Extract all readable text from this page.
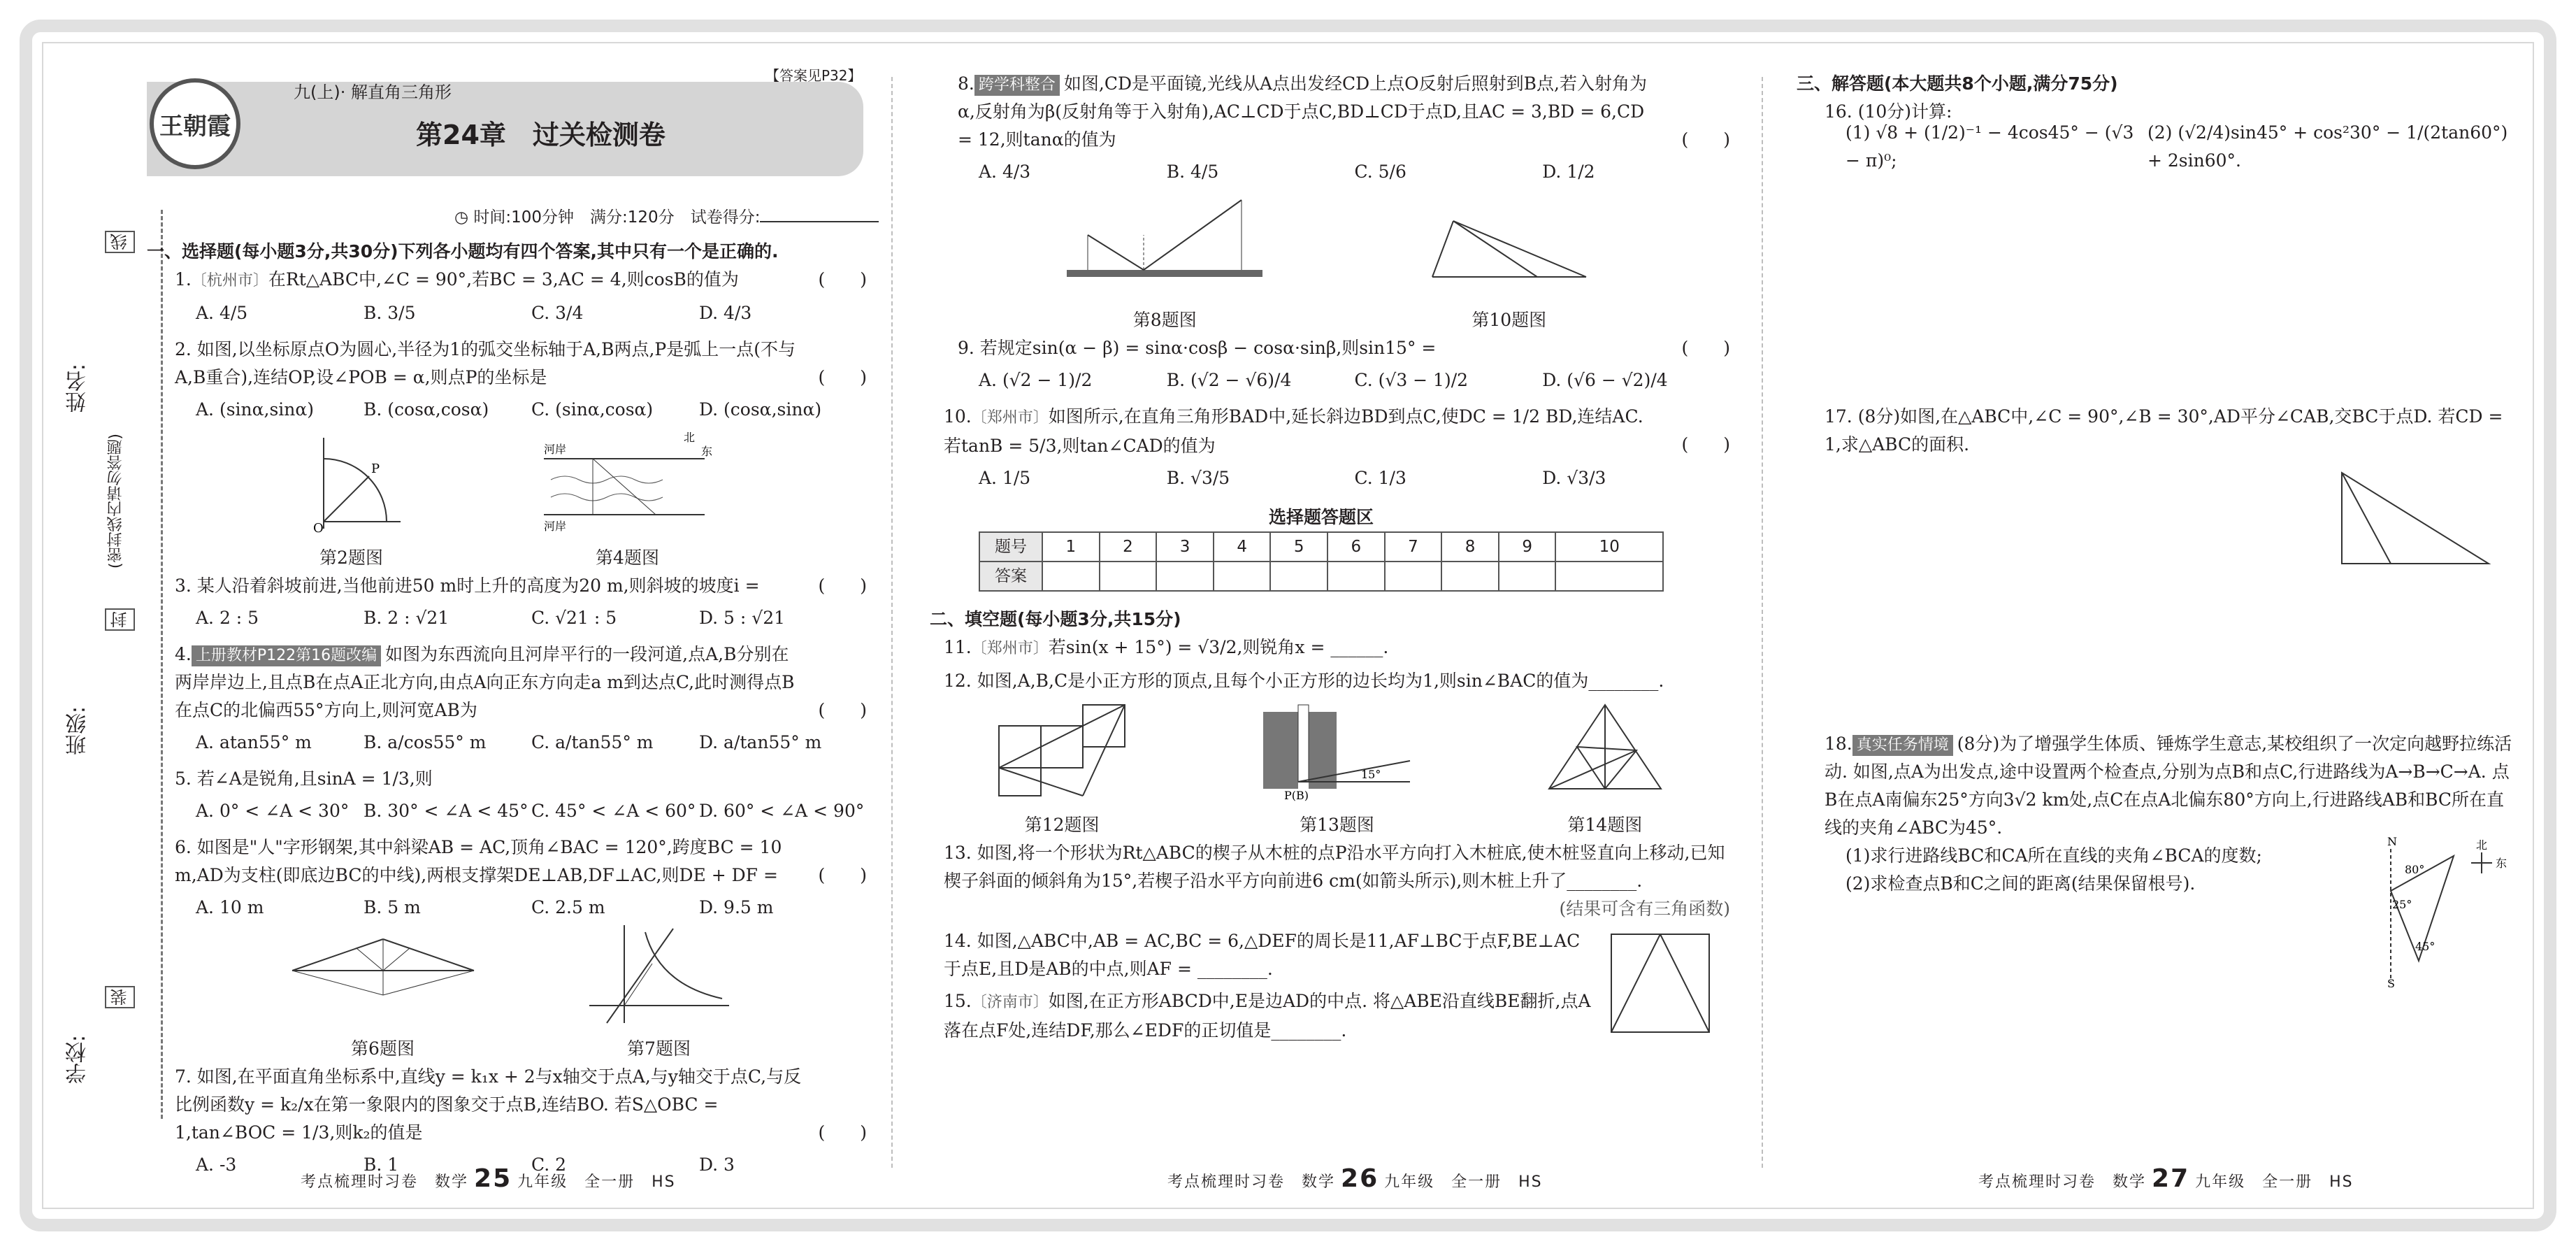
姓名:
班级:
学校:
线
封
装
(密封线内请勿答题)
王朝霞
九(上)· 解直角三角形
【答案见P32】
第24章　过关检测卷
◷ 时间:100分钟　满分:120分　试卷得分:

一、选择题(每小题3分,共30分)下列各小题均有四个答案,其中只有一个是正确的.

1.〔杭州市〕在Rt△ABC中,∠C = 90°,若BC = 3,AC = 4,则cosB的值为	(　　)

A. 4/5	B. 3/5	C. 3/4	D. 4/3

2. 如图,以坐标原点O为圆心,半径为1的弧交坐标轴于A,B两点,P是弧上一点(不与A,B重合),连结OP,设∠POB = α,则点P的坐标是	(　　)
A. (sinα,sinα)	B. (cosα,cosα)	C. (sinα,cosα)	D. (cosα,sinα)
P
O
第2题图
河岸
河岸
北
东
第4题图

3. 某人沿着斜坡前进,当他前进50 m时上升的高度为20 m,则斜坡的坡度i =	(　　)
A. 2 : 5	B. 2 : √21	C. √21 : 5	D. 5 : √21

4. 上册教材P122第16题改编 如图为东西流向且河岸平行的一段河道,点A,B分别在两岸岸边上,且点B在点A正北方向,由点A向正东方向走a m到达点C,此时测得点B在点C的北偏西55°方向上,则河宽AB为	(　　)
A. atan55° m	B. a/cos55° m	C. a/tan55° m	D. a/tan55° m

5. 若∠A是锐角,且sinA = 1/3,则

A. 0° < ∠A < 30° B. 30° < ∠A < 45° C. 45° < ∠A < 60° D. 60° < ∠A < 90°

6. 如图是"人"字形钢架,其中斜梁AB = AC,顶角∠BAC = 120°,跨度BC = 10 m,AD为支柱(即底边BC的中线),两根支撑架DE⊥AB,DF⊥AC,则DE + DF =	(　　)
A. 10 m	B. 5 m	C. 2.5 m	D. 9.5 m
第6题图	第7题图

7. 如图,在平面直角坐标系中,直线y = k₁x + 2与x轴交于点A,与y轴交于点C,与反比例函数y = k₂/x在第一象限内的图象交于点B,连结BO. 若S△OBC = 1,tan∠BOC = 1/3,则k₂的值是	(　　)
A. -3	B. 1	C. 2	D. 3

8. 跨学科整合 如图,CD是平面镜,光线从A点出发经CD上点O反射后照射到B点,若入射角为α,反射角为β(反射角等于入射角),AC⊥CD于点C,BD⊥CD于点D,且AC = 3,BD = 6,CD = 12,则tanα的值为	(　　)
A. 4/3	B. 4/5	C. 5/6	D. 1/2
第8题图	第10题图

9. 若规定sin(α − β) = sinα·cosβ − cosα·sinβ,则sin15° =	(　　)
A. (√2 − 1)/2	B. (√2 − √6)/4	C. (√3 − 1)/2	D. (√6 − √2)/4

10.〔郑州市〕如图所示,在直角三角形BAD中,延长斜边BD到点C,使DC = 1/2 BD,连结AC. 若tanB = 5/3,则tan∠CAD的值为	(　　)
A. 1/5	B. √3/5	C. 1/3	D. √3/3

选择题答题区

题号	1	2	3	4	5	6	7	8	9	10
答案										

二、填空题(每小题3分,共15分)

11.〔郑州市〕若sin(x + 15°) = √3/2,则锐角x = ______.

12. 如图,A,B,C是小正方形的顶点,且每个小正方形的边长均为1,则sin∠BAC的值为________.

第12题图
P(B)
15°
第13题图	第14题图

13. 如图,将一个形状为Rt△ABC的楔子从木桩的点P沿水平方向打入木桩底,使木桩竖直向上移动,已知楔子斜面的倾斜角为15°,若楔子沿水平方向前进6 cm(如箭头所示),则木桩上升了________.

(结果可含有三角函数)

14. 如图,△ABC中,AB = AC,BC = 6,△DEF的周长是11,AF⊥BC于点F,BE⊥AC于点E,且D是AB的中点,则AF = ________.

15.〔济南市〕如图,在正方形ABCD中,E是边AD的中点. 将△ABE沿直线BE翻折,点A落在点F处,连结DF,那么∠EDF的正切值是________.

三、解答题(本大题共8个小题,满分75分)

16. (10分)计算:

(1) √8 + (1/2)⁻¹ − 4cos45° − (√3 − π)⁰;
(2) (√2/4)sin45° + cos²30° − 1/(2tan60°) + 2sin60°.

17. (8分)如图,在△ABC中,∠C = 90°,∠B = 30°,AD平分∠CAB,交BC于点D. 若CD = 1,求△ABC的面积.

18. 真实任务情境 (8分)为了增强学生体质、锤炼学生意志,某校组织了一次定向越野拉练活动. 如图,点A为出发点,途中设置两个检查点,分别为点B和点C,行进路线为A→B→C→A. 点B在点A南偏东25°方向3√2 km处,点C在点A北偏东80°方向上,行进路线AB和BC所在直线的夹角∠ABC为45°.

(1)求行进路线BC和CA所在直线的夹角∠BCA的度数;

(2)求检查点B和C之间的距离(结果保留根号).

N
S
80°
25°
45°
北
东
考点梳理时习卷　数学 25 九年级　全一册　HS	考点梳理时习卷　数学 26 九年级　全一册　HS	考点梳理时习卷　数学 27 九年级　全一册　HS
